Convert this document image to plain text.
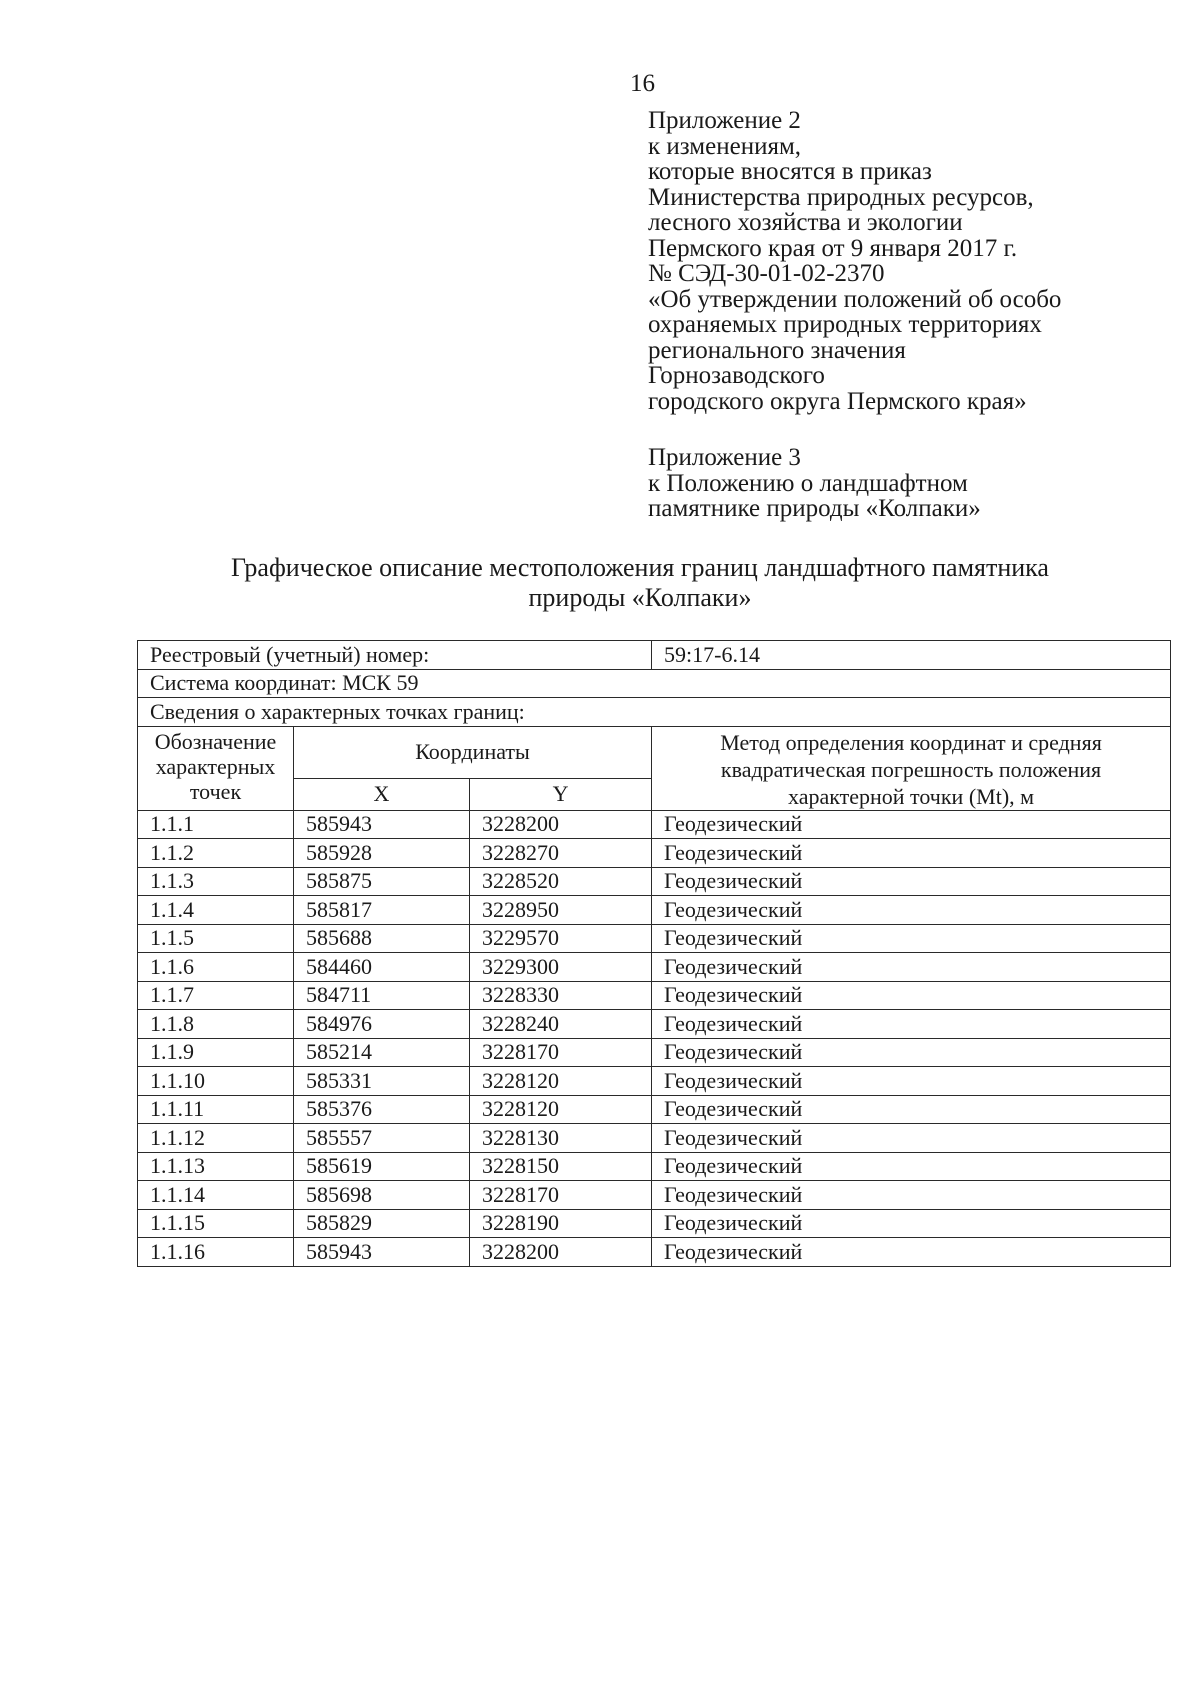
16
Приложение 2
к изменениям,
которые вносятся в приказ
Министерства природных ресурсов,
лесного хозяйства и экологии
Пермского края от 9 января 2017 г.
№ СЭД-30-01-02-2370
«Об утверждении положений об особо
охраняемых природных территориях
регионального значения
Горнозаводского
городского округа Пермского края»
Приложение 3
к Положению о ландшафтном
памятнике природы «Колпаки»
Графическое описание местоположения границ ландшафтного памятника
природы «Колпаки»
Реестровый (учетный) номер:			59:17-6.14
Система координат: МСК 59			
Сведения о характерных точках границ:			

Обозначение
характерных
точек	Координаты		Метод определения координат и средняя
квадратическая погрешность положения
характерной точки (Mt), м

	X	Y	
1.1.1	585943	3228200	Геодезический
1.1.2	585928	3228270	Геодезический
1.1.3	585875	3228520	Геодезический
1.1.4	585817	3228950	Геодезический
1.1.5	585688	3229570	Геодезический
1.1.6	584460	3229300	Геодезический
1.1.7	584711	3228330	Геодезический
1.1.8	584976	3228240	Геодезический
1.1.9	585214	3228170	Геодезический
1.1.10	585331	3228120	Геодезический
1.1.11	585376	3228120	Геодезический
1.1.12	585557	3228130	Геодезический
1.1.13	585619	3228150	Геодезический
1.1.14	585698	3228170	Геодезический
1.1.15	585829	3228190	Геодезический
1.1.16	585943	3228200	Геодезический
